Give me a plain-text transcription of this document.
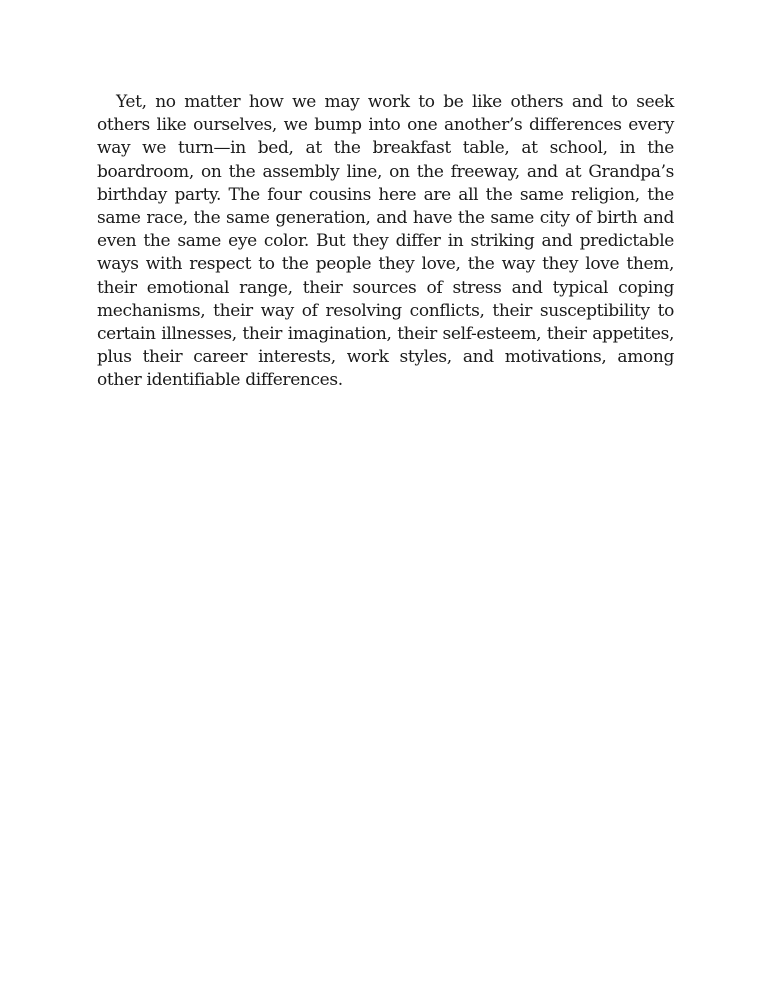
Yet, no matter how we may work to be like others and to seek others like ourselves, we bump into one another’s differences every way we turn—in bed, at the breakfast table, at school, in the boardroom, on the assembly line, on the freeway, and at Grandpa’s birthday party. The four cousins here are all the same religion, the same race, the same generation, and have the same city of birth and even the same eye color. But they differ in striking and predictable ways with respect to the people they love, the way they love them, their emotional range, their sources of stress and typical coping mechanisms, their way of resolving conflicts, their susceptibility to certain illnesses, their imagination, their self-esteem, their appetites, plus their career interests, work styles, and motivations, among other identifiable differences.
